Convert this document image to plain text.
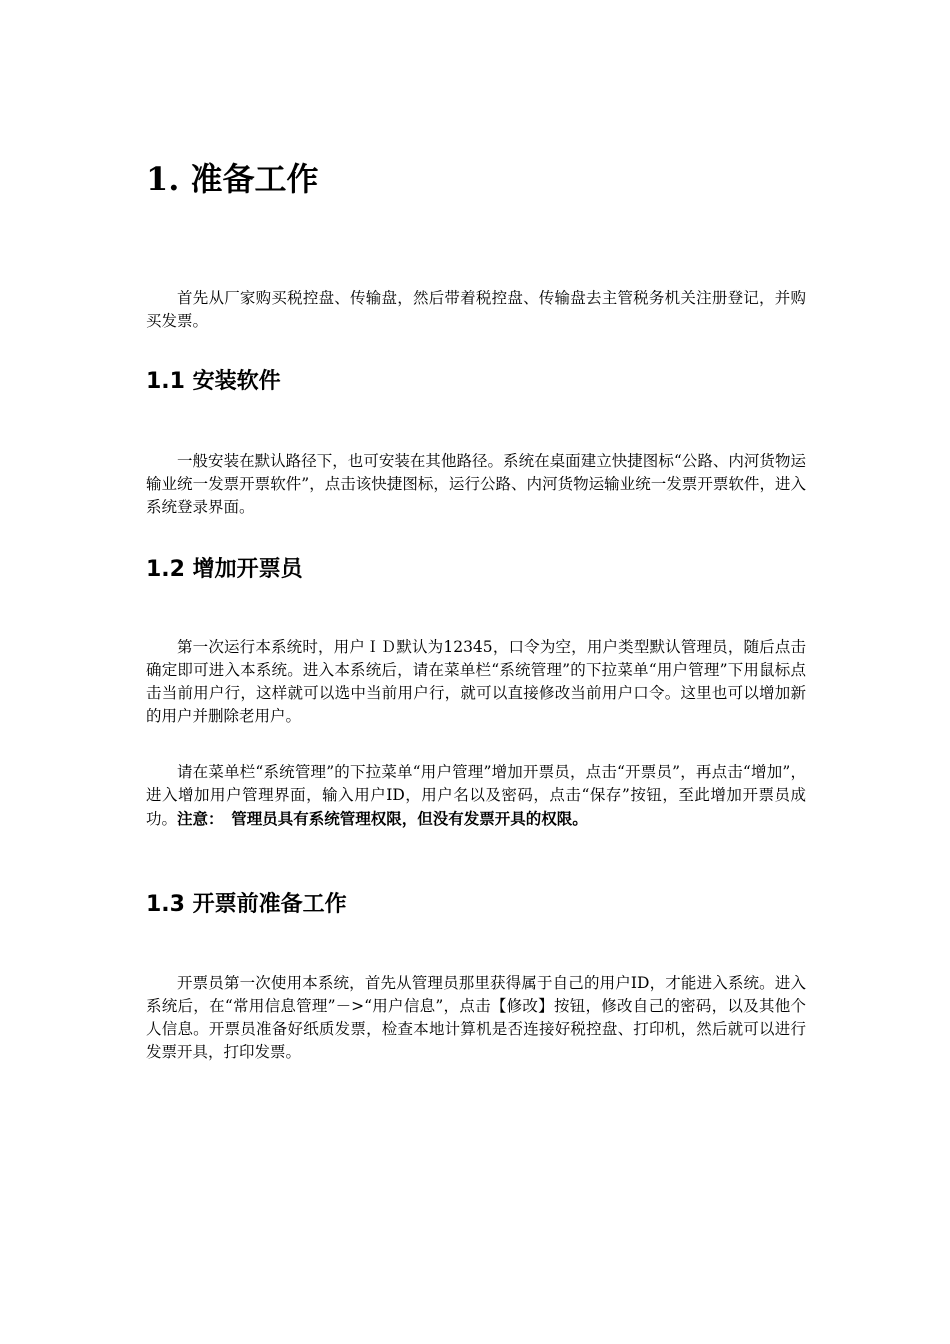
1. 准备工作

首先从厂家购买税控盘、传输盘，然后带着税控盘、传输盘去主管税务机关注册登记，并购买发票。

1.1 安装软件

一般安装在默认路径下，也可安装在其他路径。系统在桌面建立快捷图标“公路、内河货物运输业统一发票开票软件”，点击该快捷图标，运行公路、内河货物运输业统一发票开票软件，进入系统登录界面。

1.2 增加开票员

第一次运行本系统时，用户ＩＤ默认为12345，口令为空，用户类型默认管理员，随后点击确定即可进入本系统。进入本系统后，请在菜单栏“系统管理”的下拉菜单“用户管理”下用鼠标点击当前用户行，这样就可以选中当前用户行，就可以直接修改当前用户口令。这里也可以增加新的用户并删除老用户。

请在菜单栏“系统管理”的下拉菜单“用户管理”增加开票员，点击“开票员”，再点击“增加”，进入增加用户管理界面，输入用户ID，用户名以及密码，点击“保存”按钮，至此增加开票员成功。注意：　管理员具有系统管理权限，但没有发票开具的权限。

1.3 开票前准备工作

开票员第一次使用本系统，首先从管理员那里获得属于自己的用户ID，才能进入系统。进入系统后，在“常用信息管理”－>“用户信息”，点击【修改】按钮，修改自己的密码，以及其他个人信息。开票员准备好纸质发票，检查本地计算机是否连接好税控盘、打印机，然后就可以进行发票开具，打印发票。
